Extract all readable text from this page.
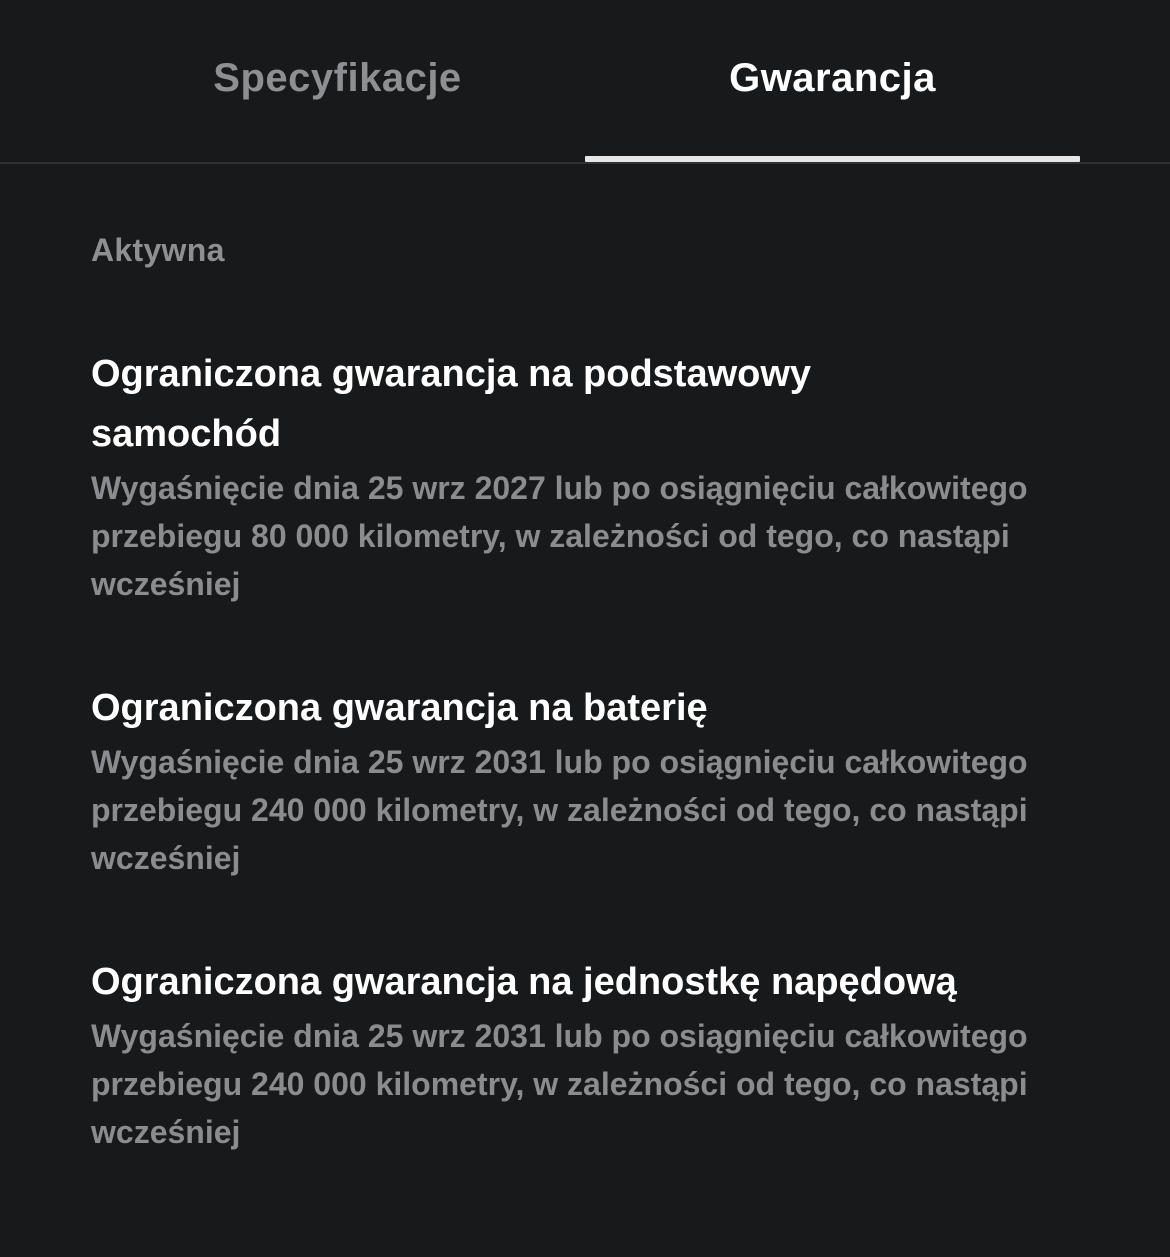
Specyfikacje	Gwarancja

Aktywna

Ograniczona gwarancja na podstawowy samochód

Wygaśnięcie dnia 25 wrz 2027 lub po osiągnięciu całkowitego przebiegu 80 000 kilometry, w zależności od tego, co nastąpi wcześniej

Ograniczona gwarancja na baterię

Wygaśnięcie dnia 25 wrz 2031 lub po osiągnięciu całkowitego przebiegu 240 000 kilometry, w zależności od tego, co nastąpi wcześniej

Ograniczona gwarancja na jednostkę napędową

Wygaśnięcie dnia 25 wrz 2031 lub po osiągnięciu całkowitego przebiegu 240 000 kilometry, w zależności od tego, co nastąpi wcześniej
